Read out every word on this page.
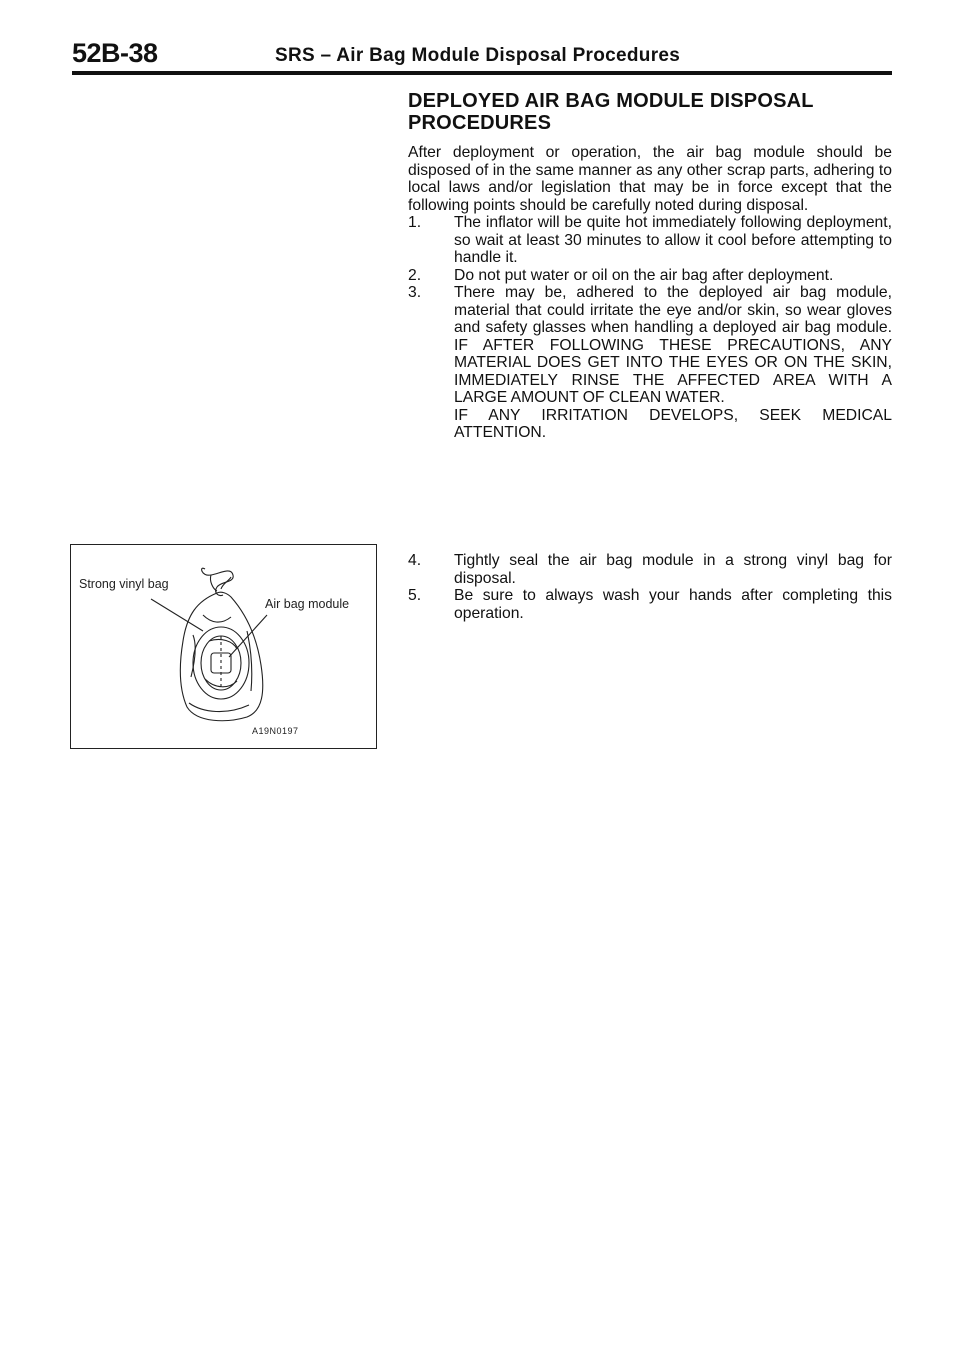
52B-38	SRS – Air Bag Module Disposal Procedures
DEPLOYED AIR BAG MODULE DISPOSAL
PROCEDURES

After deployment or operation, the air bag module should be disposed of in the same manner as any other scrap parts, adhering to local laws and/or legislation that may be in force except that the following points should be carefully noted during disposal.

1. The inflator will be quite hot immediately following deployment, so wait at least 30 minutes to allow it cool before attempting to handle it.
2. Do not put water or oil on the air bag after deployment.
3. There may be, adhered to the deployed air bag module, material that could irritate the eye and/or skin, so wear gloves and safety glasses when handling a deployed air bag module. IF AFTER FOLLOWING THESE PRECAUTIONS, ANY MATERIAL DOES GET INTO THE EYES OR ON THE SKIN, IMMEDIATELY RINSE THE AFFECTED AREA WITH A LARGE AMOUNT OF CLEAN WATER.
IF ANY IRRITATION DEVELOPS, SEEK MEDICAL ATTENTION.
Strong vinyl bag
Air bag module
A19N0197
4. Tightly seal the air bag module in a strong vinyl bag for disposal.
5. Be sure to always wash your hands after completing this operation.
